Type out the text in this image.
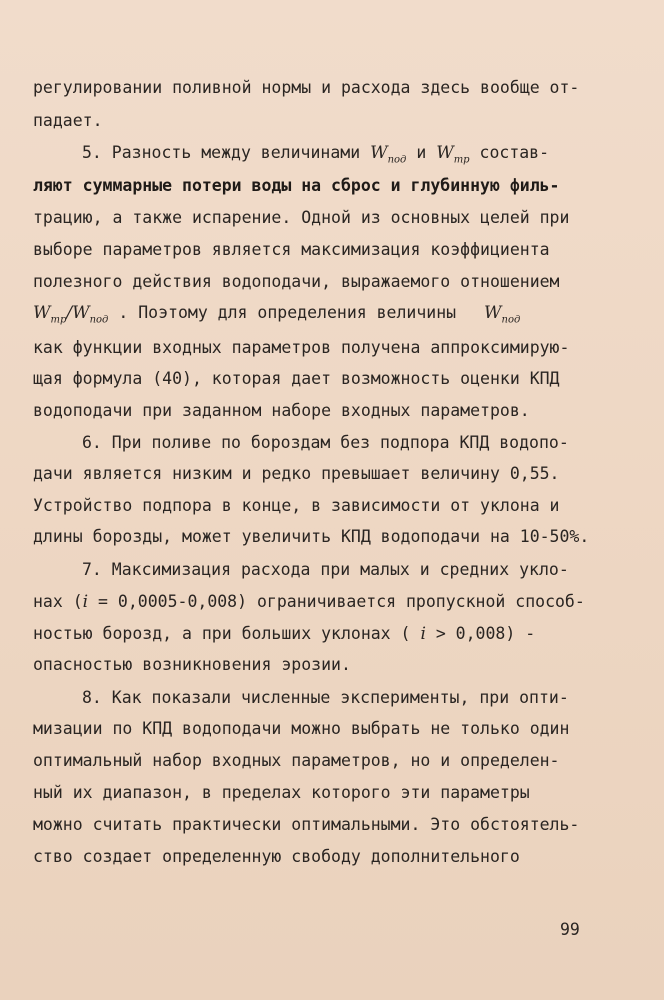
регулировании поливной нормы и расхода здесь вообще от-
падает.
5. Разность между величинами $W_{под}$ и $W_{тр}$ состав-
ляют суммарные потери воды на сброс и глубинную филь-
трацию, а также испарение. Одной из основных целей при
выборе параметров является максимизация коэффициента
полезного действия водоподачи, выражаемого отношением
$W_{тр}/W_{под}$ . Поэтому для определения величины $W_{под}$
как функции входных параметров получена аппроксимирую-
щая формула (40), которая дает возможность оценки КПД
водоподачи при заданном наборе входных параметров.
6. При поливе по бороздам без подпора КПД водопо-
дачи является низким и редко превышает величину 0,55.
Устройство подпора в конце, в зависимости от уклона и
длины борозды, может увеличить КПД водоподачи на 10-50%.
7. Максимизация расхода при малых и средних укло-
нах (i = 0,0005-0,008) ограничивается пропускной способ-
ностью борозд, а при больших уклонах ( i > 0,008) -
опасностью возникновения эрозии.
8. Как показали численные эксперименты, при опти-
мизации по КПД водоподачи можно выбрать не только один
оптимальный набор входных параметров, но и определен-
ный их диапазон, в пределах которого эти параметры
можно считать практически оптимальными. Это обстоятель-
ство создает определенную свободу дополнительного
99
